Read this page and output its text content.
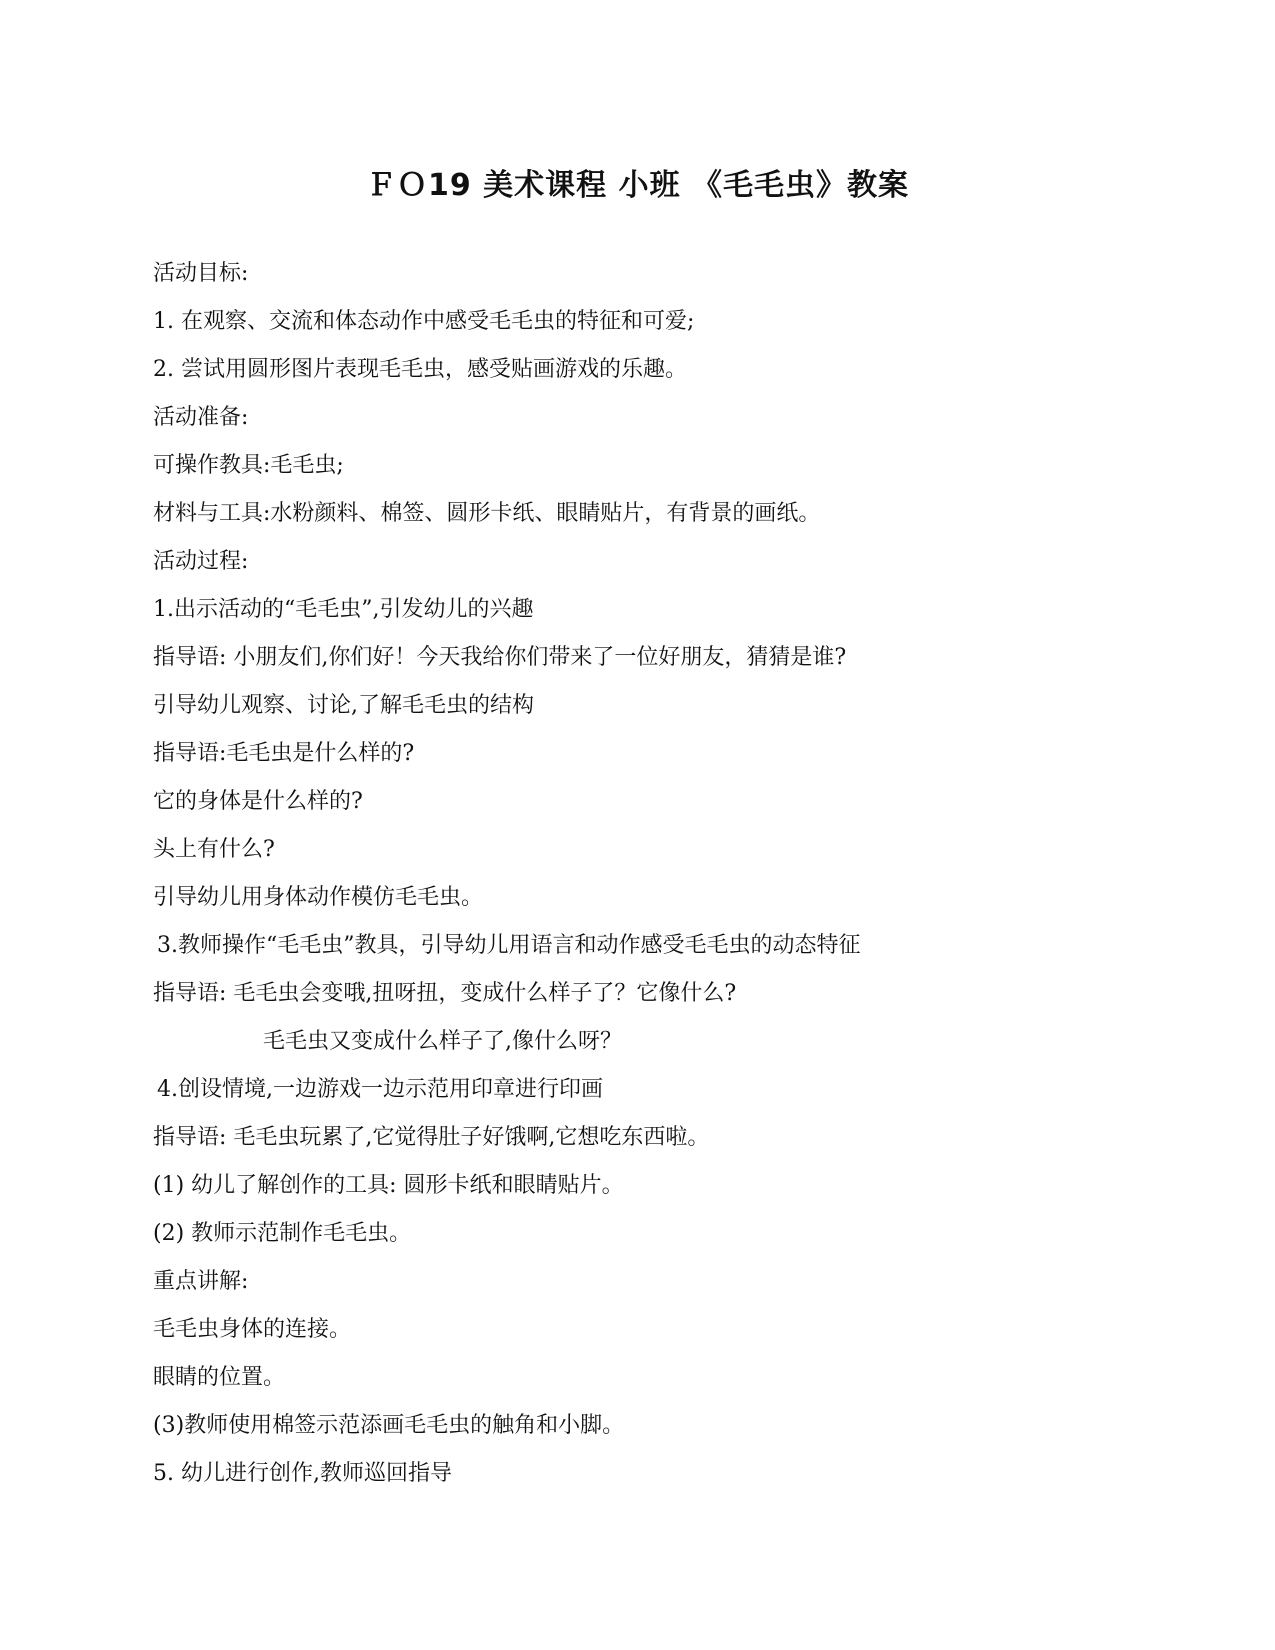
ＦＯ19 美术课程 小班 《毛毛虫》教案
活动目标:
1. 在观察、交流和体态动作中感受毛毛虫的特征和可爱;
2. 尝试用圆形图片表现毛毛虫，感受贴画游戏的乐趣。
活动准备:
可操作教具:毛毛虫;
材料与工具:水粉颜料、棉签、圆形卡纸、眼睛贴片，有背景的画纸。
活动过程:
1.出示活动的“毛毛虫”,引发幼儿的兴趣
指导语: 小朋友们,你们好！今天我给你们带来了一位好朋友，猜猜是谁?
引导幼儿观察、讨论,了解毛毛虫的结构
指导语:毛毛虫是什么样的?
它的身体是什么样的?
头上有什么?
引导幼儿用身体动作模仿毛毛虫。
3.教师操作“毛毛虫”教具，引导幼儿用语言和动作感受毛毛虫的动态特征
指导语: 毛毛虫会变哦,扭呀扭，变成什么样子了？它像什么?
毛毛虫又变成什么样子了,像什么呀？
4.创设情境,一边游戏一边示范用印章进行印画
指导语: 毛毛虫玩累了,它觉得肚子好饿啊,它想吃东西啦。
(1) 幼儿了解创作的工具: 圆形卡纸和眼睛贴片。
(2) 教师示范制作毛毛虫。
重点讲解:
毛毛虫身体的连接。
眼睛的位置。
(3)教师使用棉签示范添画毛毛虫的触角和小脚。
5. 幼儿进行创作,教师巡回指导
